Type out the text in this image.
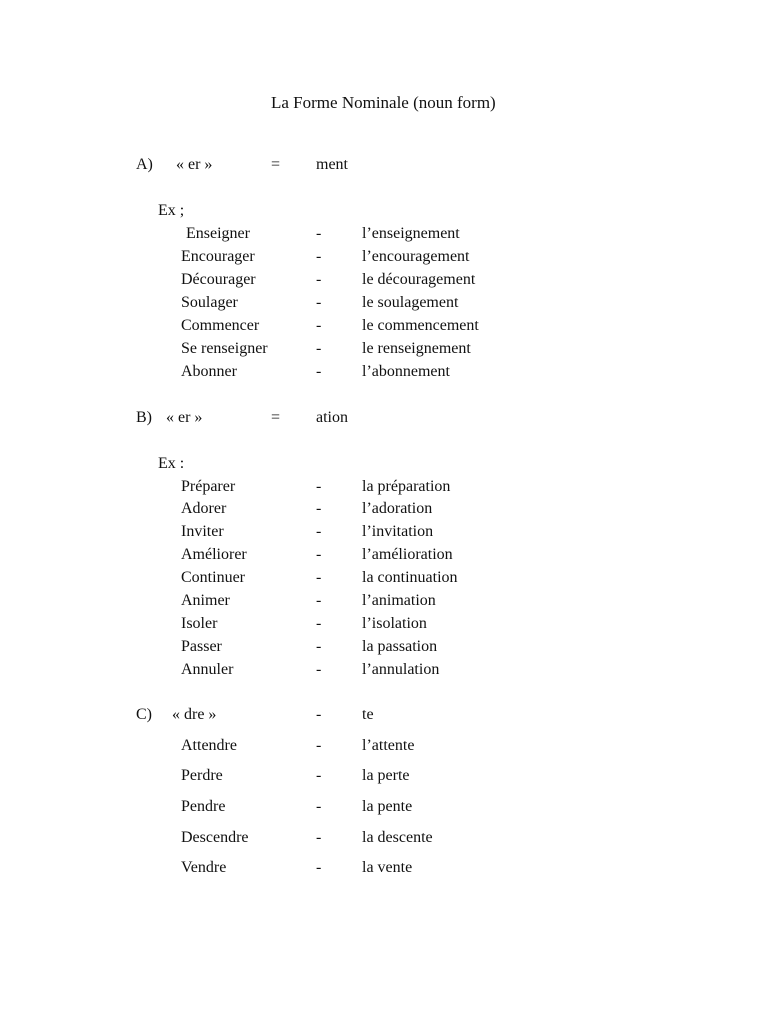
La Forme Nominale (noun form)
A) « er »	= ment
Ex ;
Enseigner	-	l’enseignement
Encourager	-	l’encouragement
Décourager	-	le découragement
Soulager	-	le soulagement
Commencer	-	le commencement
Se renseigner	-	le renseignement
Abonner	-	l’abonnement
B) « er »	= ation
Ex :
Préparer	-	la préparation
Adorer	-	l’adoration
Inviter	-	l’invitation
Améliorer	-	l’amélioration
Continuer	-	la continuation
Animer	-	l’animation
Isoler	-	l’isolation
Passer	-	la passation
Annuler	-	l’annulation
C) « dre »	-	te
Attendre	-	l’attente
Perdre	-	la perte
Pendre	-	la pente
Descendre	-	la descente
Vendre	-	la vente
